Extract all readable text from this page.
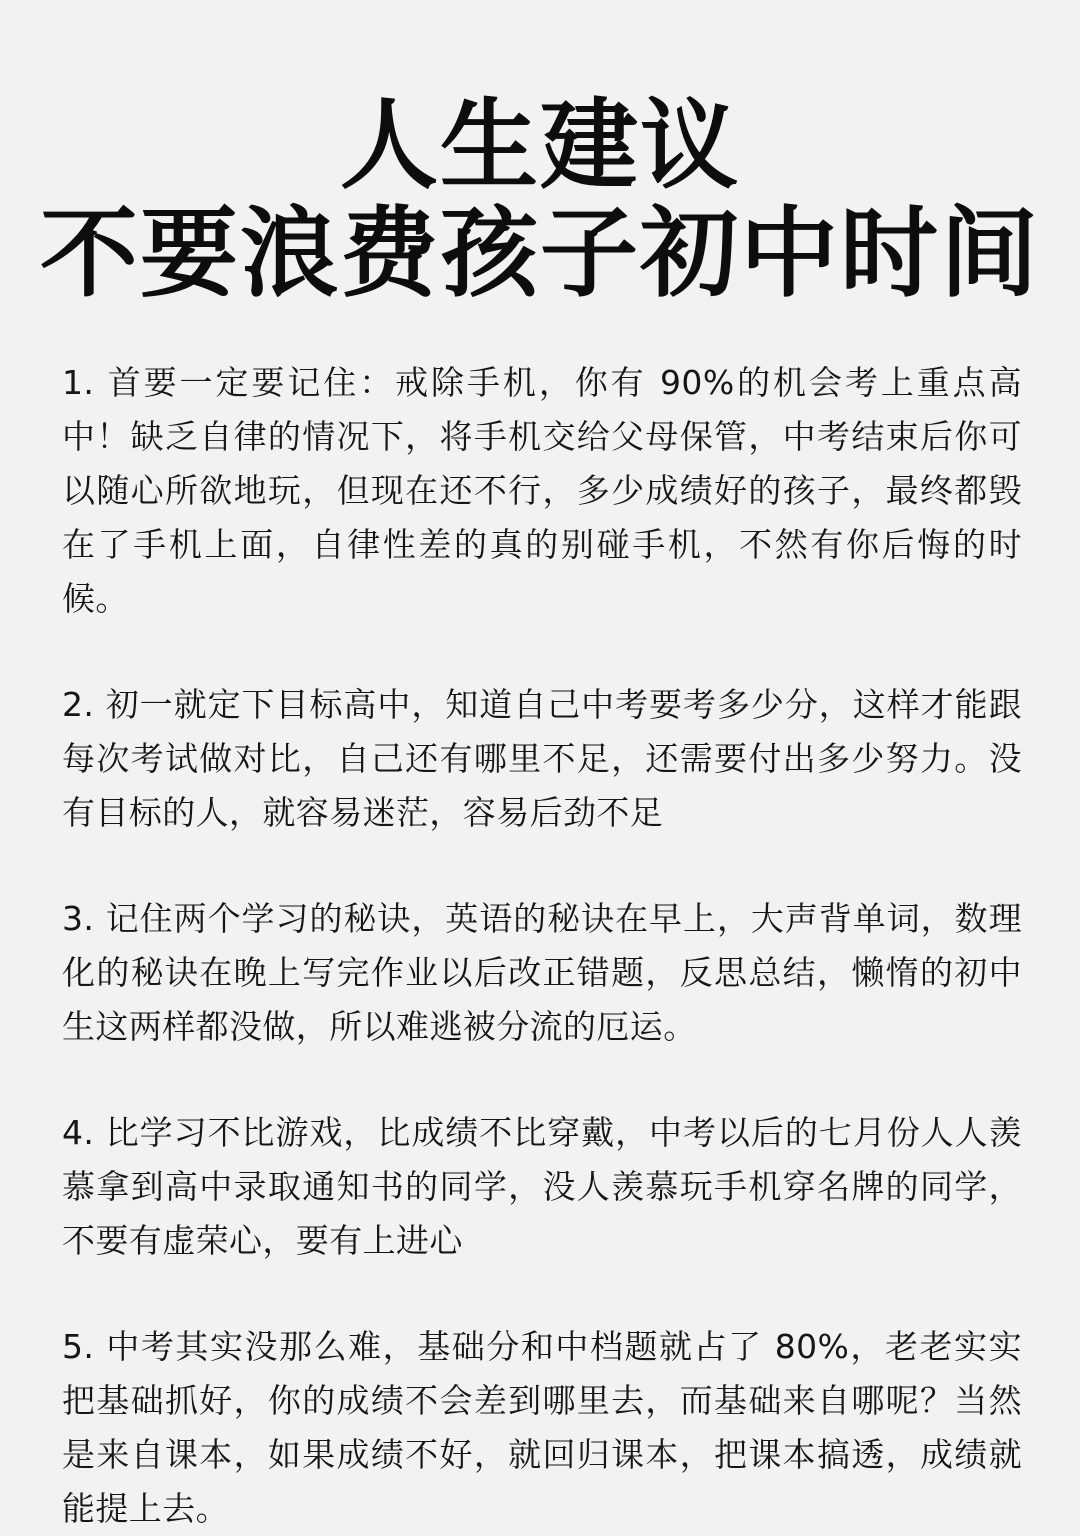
人生建议
不要浪费孩子初中时间

1. 首要一定要记住：戒除手机，你有 90%的机会考上重点高中！缺乏自律的情况下，将手机交给父母保管，中考结束后你可以随心所欲地玩，但现在还不行，多少成绩好的孩子，最终都毁在了手机上面，自律性差的真的别碰手机，不然有你后悔的时候。

2. 初一就定下目标高中，知道自己中考要考多少分，这样才能跟每次考试做对比，自己还有哪里不足，还需要付出多少努力。没有目标的人，就容易迷茫，容易后劲不足

3. 记住两个学习的秘诀，英语的秘诀在早上，大声背单词，数理化的秘诀在晚上写完作业以后改正错题，反思总结，懒惰的初中生这两样都没做，所以难逃被分流的厄运。

4. 比学习不比游戏，比成绩不比穿戴，中考以后的七月份人人羡慕拿到高中录取通知书的同学，没人羡慕玩手机穿名牌的同学，不要有虚荣心，要有上进心

5. 中考其实没那么难，基础分和中档题就占了 80%，老老实实把基础抓好，你的成绩不会差到哪里去，而基础来自哪呢？当然是来自课本，如果成绩不好，就回归课本，把课本搞透，成绩就能提上去。
